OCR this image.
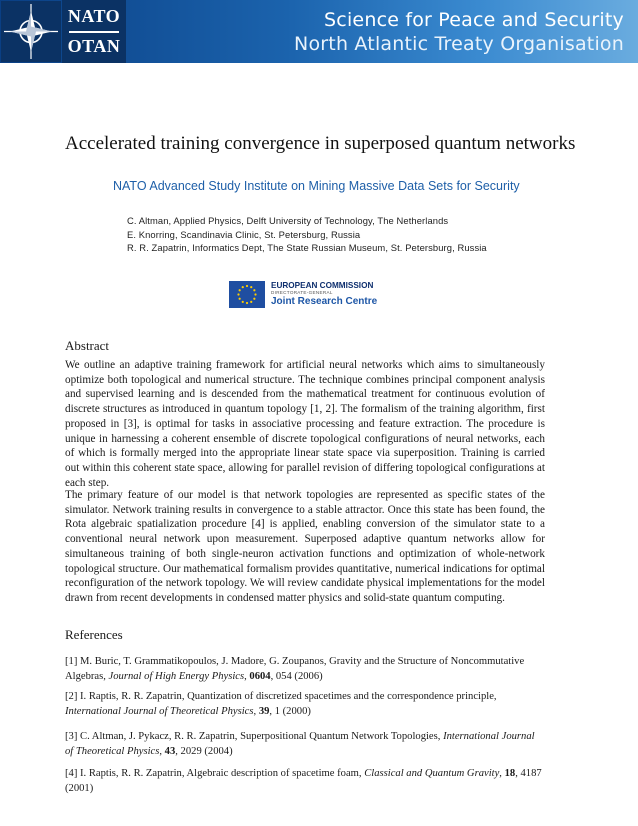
NATO
OTAN
Science for Peace and Security
North Atlantic Treaty Organisation
Accelerated training convergence in superposed quantum networks
NATO Advanced Study Institute on Mining Massive Data Sets for Security
C. Altman, Applied Physics, Delft University of Technology, The Netherlands
E. Knorring, Scandinavia Clinic, St. Petersburg, Russia
R. R. Zapatrin, Informatics Dept, The State Russian Museum, St. Petersburg, Russia
EUROPEAN COMMISSION
DIRECTORATE-GENERAL
Joint Research Centre
Abstract

We outline an adaptive training framework for artificial neural networks which aims to simultaneously optimize both topological and numerical structure. The technique combines principal component analysis and supervised learning and is descended from the mathematical treatment for continuous evolution of discrete structures as introduced in quantum topology [1, 2]. The formalism of the training algorithm, first proposed in [3], is optimal for tasks in associative processing and feature extraction. The procedure is unique in harnessing a coherent ensemble of discrete topological configurations of neural networks, each of which is formally merged into the appropriate linear state space via superposition. Training is carried out within this coherent state space, allowing for parallel revision of differing topological configurations at each step.

The primary feature of our model is that network topologies are represented as specific states of the simulator. Network training results in convergence to a stable attractor. Once this state has been found, the Rota algebraic spatialization procedure [4] is applied, enabling conversion of the simulator state to a conventional neural network upon measurement. Superposed adaptive quantum networks allow for simultaneous training of both single-neuron activation functions and optimization of whole-network topological structure. Our mathematical formalism provides quantitative, numerical indications for optimal reconfiguration of the network topology. We will review candidate physical implementations for the model drawn from recent developments in condensed matter physics and solid-state quantum computing.

References

[1] M. Buric, T. Grammatikopoulos, J. Madore, G. Zoupanos, Gravity and the Structure of Noncommutative Algebras, Journal of High Energy Physics, 0604, 054 (2006)

[2] I. Raptis, R. R. Zapatrin, Quantization of discretized spacetimes and the correspondence principle, International Journal of Theoretical Physics, 39, 1 (2000)

[3] C. Altman, J. Pykacz, R. R. Zapatrin, Superpositional Quantum Network Topologies, International Journal of Theoretical Physics, 43, 2029 (2004)

[4] I. Raptis, R. R. Zapatrin, Algebraic description of spacetime foam, Classical and Quantum Gravity, 18, 4187 (2001)
